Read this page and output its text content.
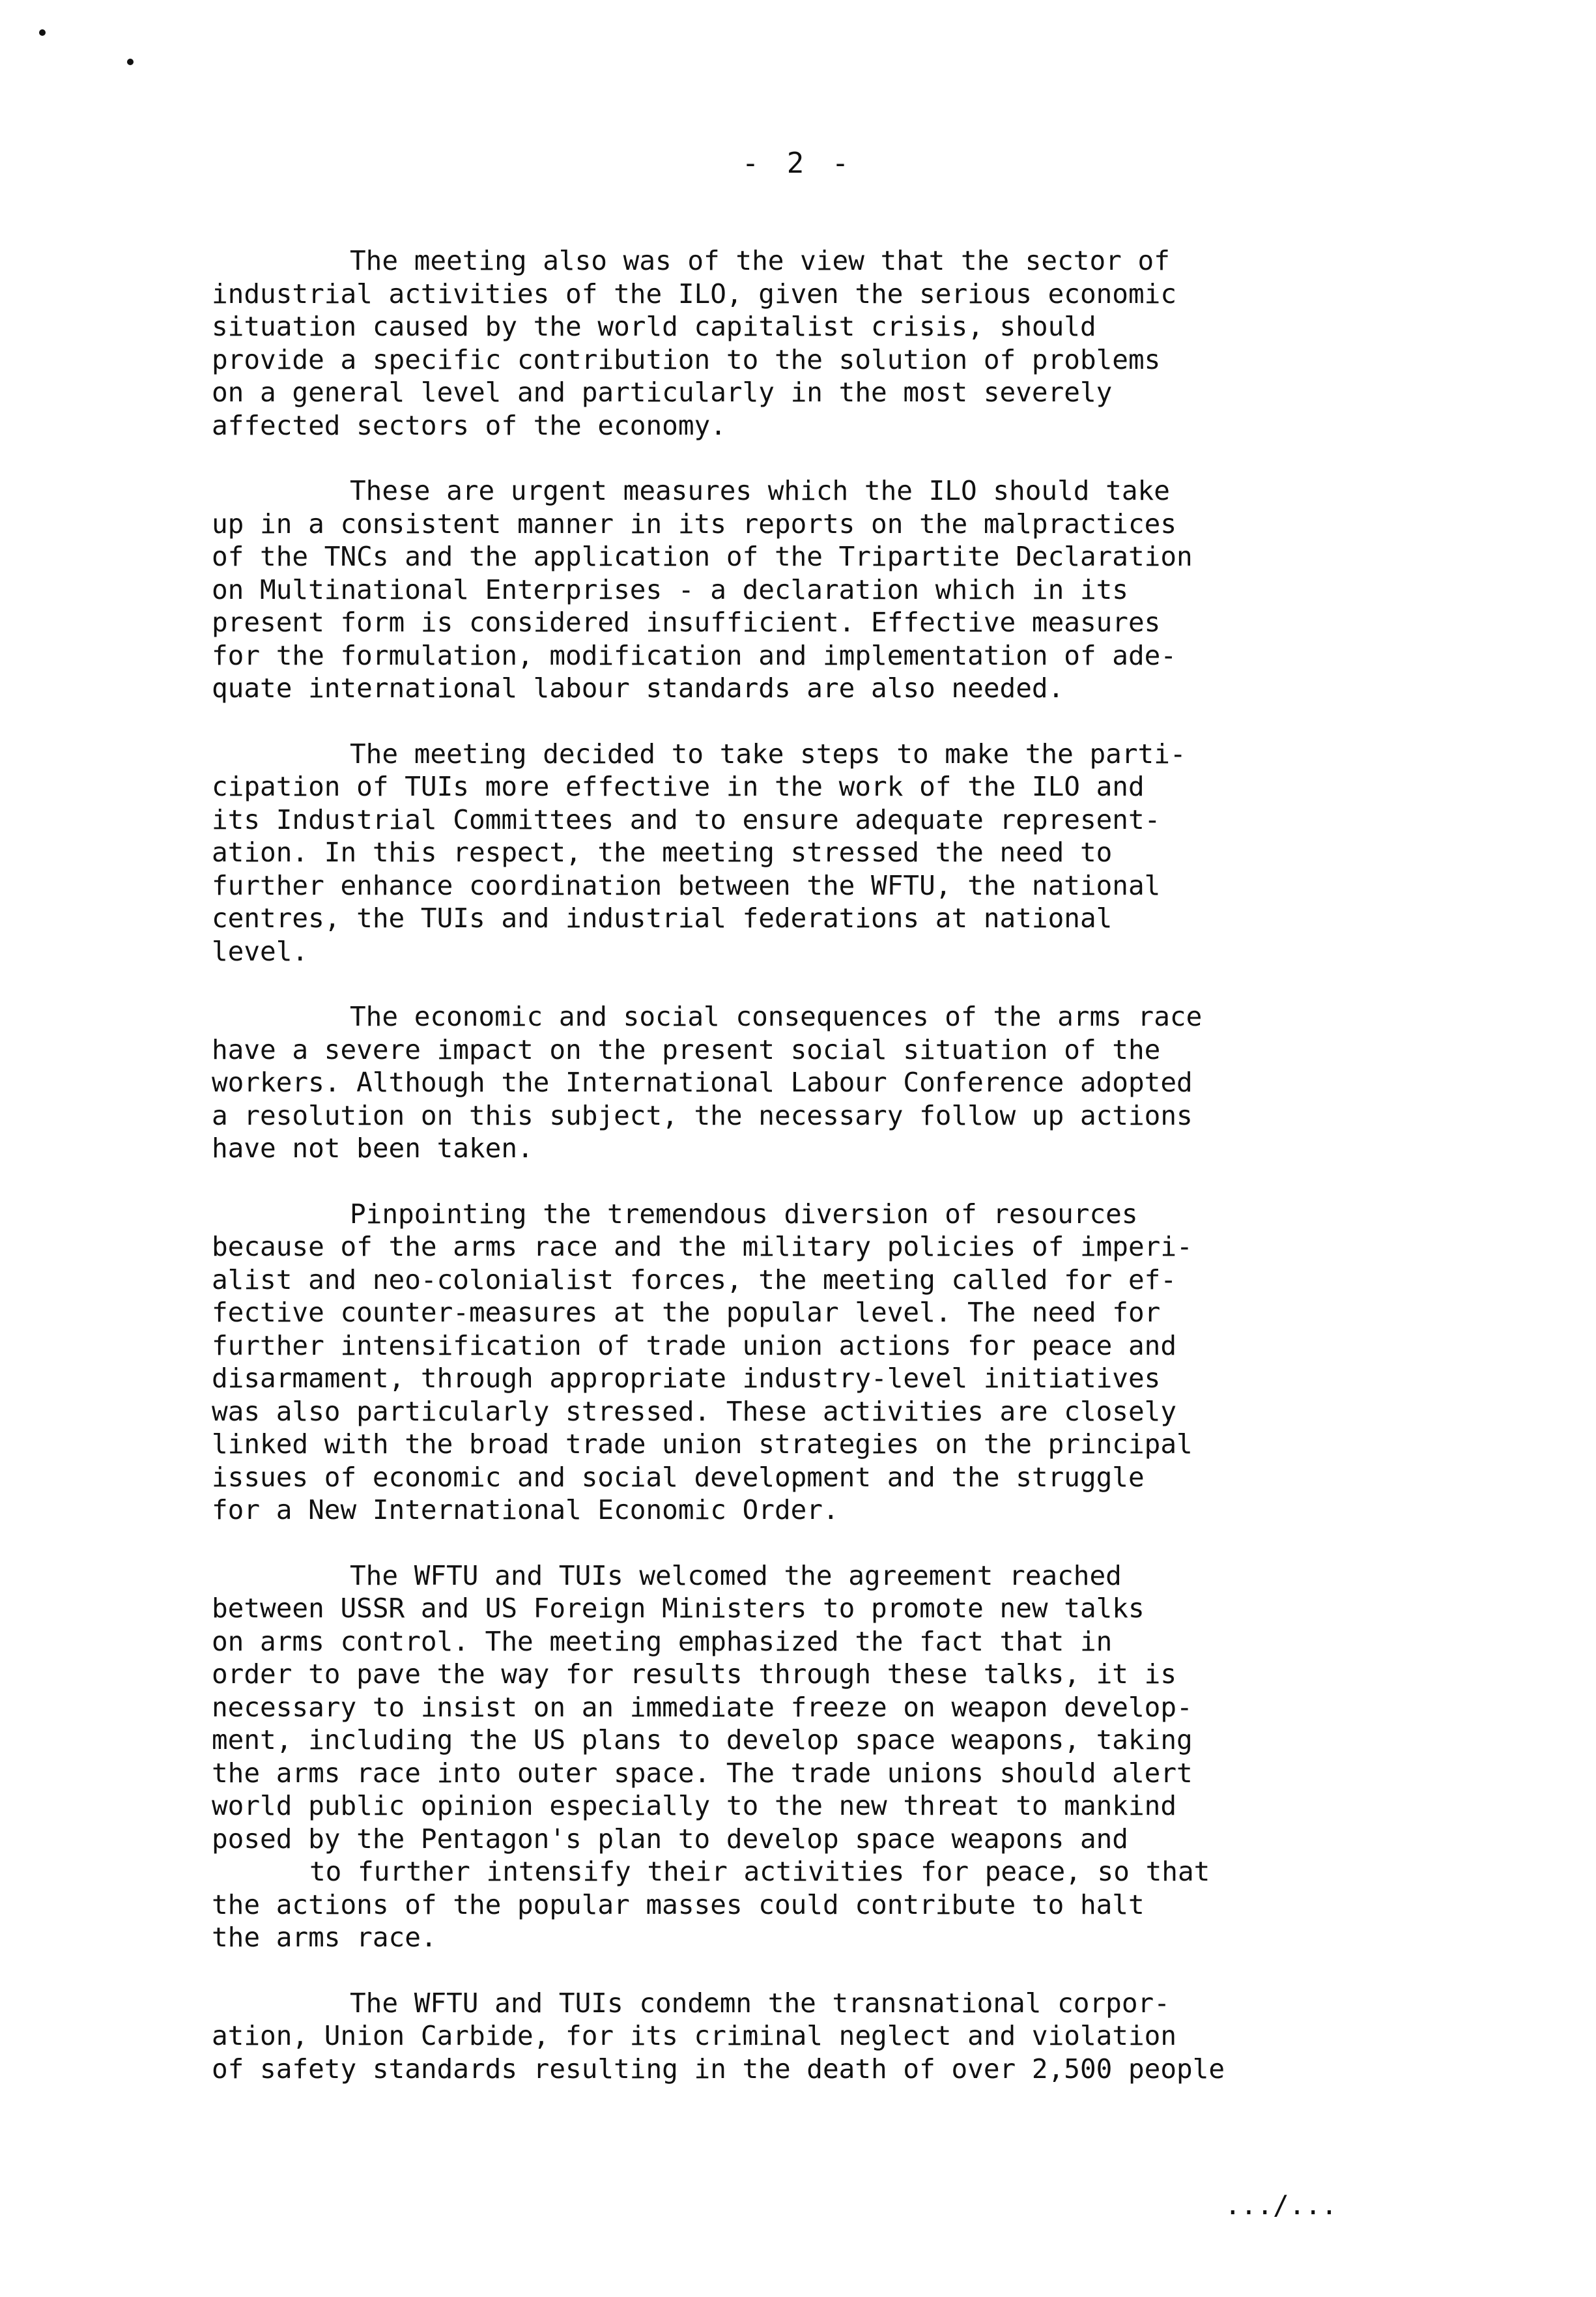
- 2 -
The meeting also was of the view that the sector of
industrial activities of the ILO, given the serious economic
situation caused by the world capitalist crisis, should
provide a specific contribution to the solution of problems
on a general level and particularly in the most severely
affected sectors of the economy.
These are urgent measures which the ILO should take
up in a consistent manner in its reports on the malpractices
of the TNCs and the application of the Tripartite Declaration
on Multinational Enterprises - a declaration which in its
present form is considered insufficient. Effective measures
for the formulation, modification and implementation of ade-
quate international labour standards are also needed.
The meeting decided to take steps to make the parti-
cipation of TUIs more effective in the work of the ILO and
its Industrial Committees and to ensure adequate represent-
ation. In this respect, the meeting stressed the need to
further enhance coordination between the WFTU, the national
centres, the TUIs and industrial federations at national
level.
The economic and social consequences of the arms race
have a severe impact on the present social situation of the
workers. Although the International Labour Conference adopted
a resolution on this subject, the necessary follow up actions
have not been taken.
Pinpointing the tremendous diversion of resources
because of the arms race and the military policies of imperi-
alist and neo-colonialist forces, the meeting called for ef-
fective counter-measures at the popular level. The need for
further intensification of trade union actions for peace and
disarmament, through appropriate industry-level initiatives
was also particularly stressed. These activities are closely
linked with the broad trade union strategies on the principal
issues of economic and social development and the struggle
for a New International Economic Order.
The WFTU and TUIs welcomed the agreement reached
between USSR and US Foreign Ministers to promote new talks
on arms control. The meeting emphasized the fact that in
order to pave the way for results through these talks, it is
necessary to insist on an immediate freeze on weapon develop-
ment, including the US plans to develop space weapons, taking
the arms race into outer space. The trade unions should alert
world public opinion especially to the new threat to mankind
posed by the Pentagon's plan to develop space weapons and
to further intensify their activities for peace, so that
the actions of the popular masses could contribute to halt
the arms race.
The WFTU and TUIs condemn the transnational corpor-
ation, Union Carbide, for its criminal neglect and violation
of safety standards resulting in the death of over 2,500 people
.../...
